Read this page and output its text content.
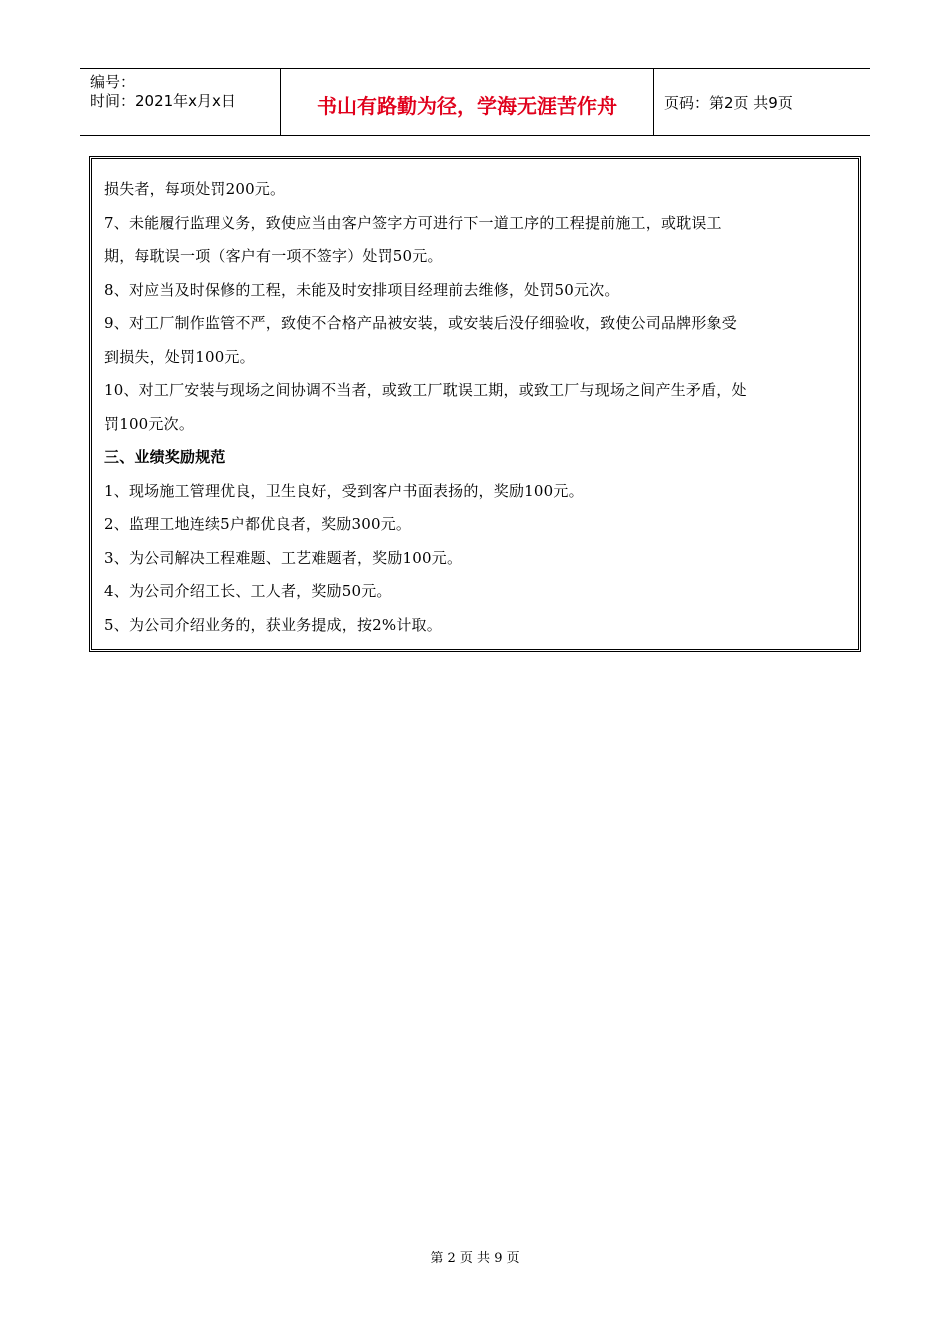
编号：
时间：2021年x月x日	书山有路勤为径，学海无涯苦作舟	页码：第2页 共9页
损失者，每项处罚200元。
7、未能履行监理义务，致使应当由客户签字方可进行下一道工序的工程提前施工，或耽误工
期，每耽误一项（客户有一项不签字）处罚50元。
8、对应当及时保修的工程，未能及时安排项目经理前去维修，处罚50元次。
9、对工厂制作监管不严，致使不合格产品被安装，或安装后没仔细验收，致使公司品牌形象受
到损失，处罚100元。
10、对工厂安装与现场之间协调不当者，或致工厂耽误工期，或致工厂与现场之间产生矛盾，处
罚100元次。
三、业绩奖励规范
1、现场施工管理优良，卫生良好，受到客户书面表扬的，奖励100元。
2、监理工地连续5户都优良者，奖励300元。
3、为公司解决工程难题、工艺难题者，奖励100元。
4、为公司介绍工长、工人者，奖励50元。
5、为公司介绍业务的，获业务提成，按2%计取。
第 2 页 共 9 页
